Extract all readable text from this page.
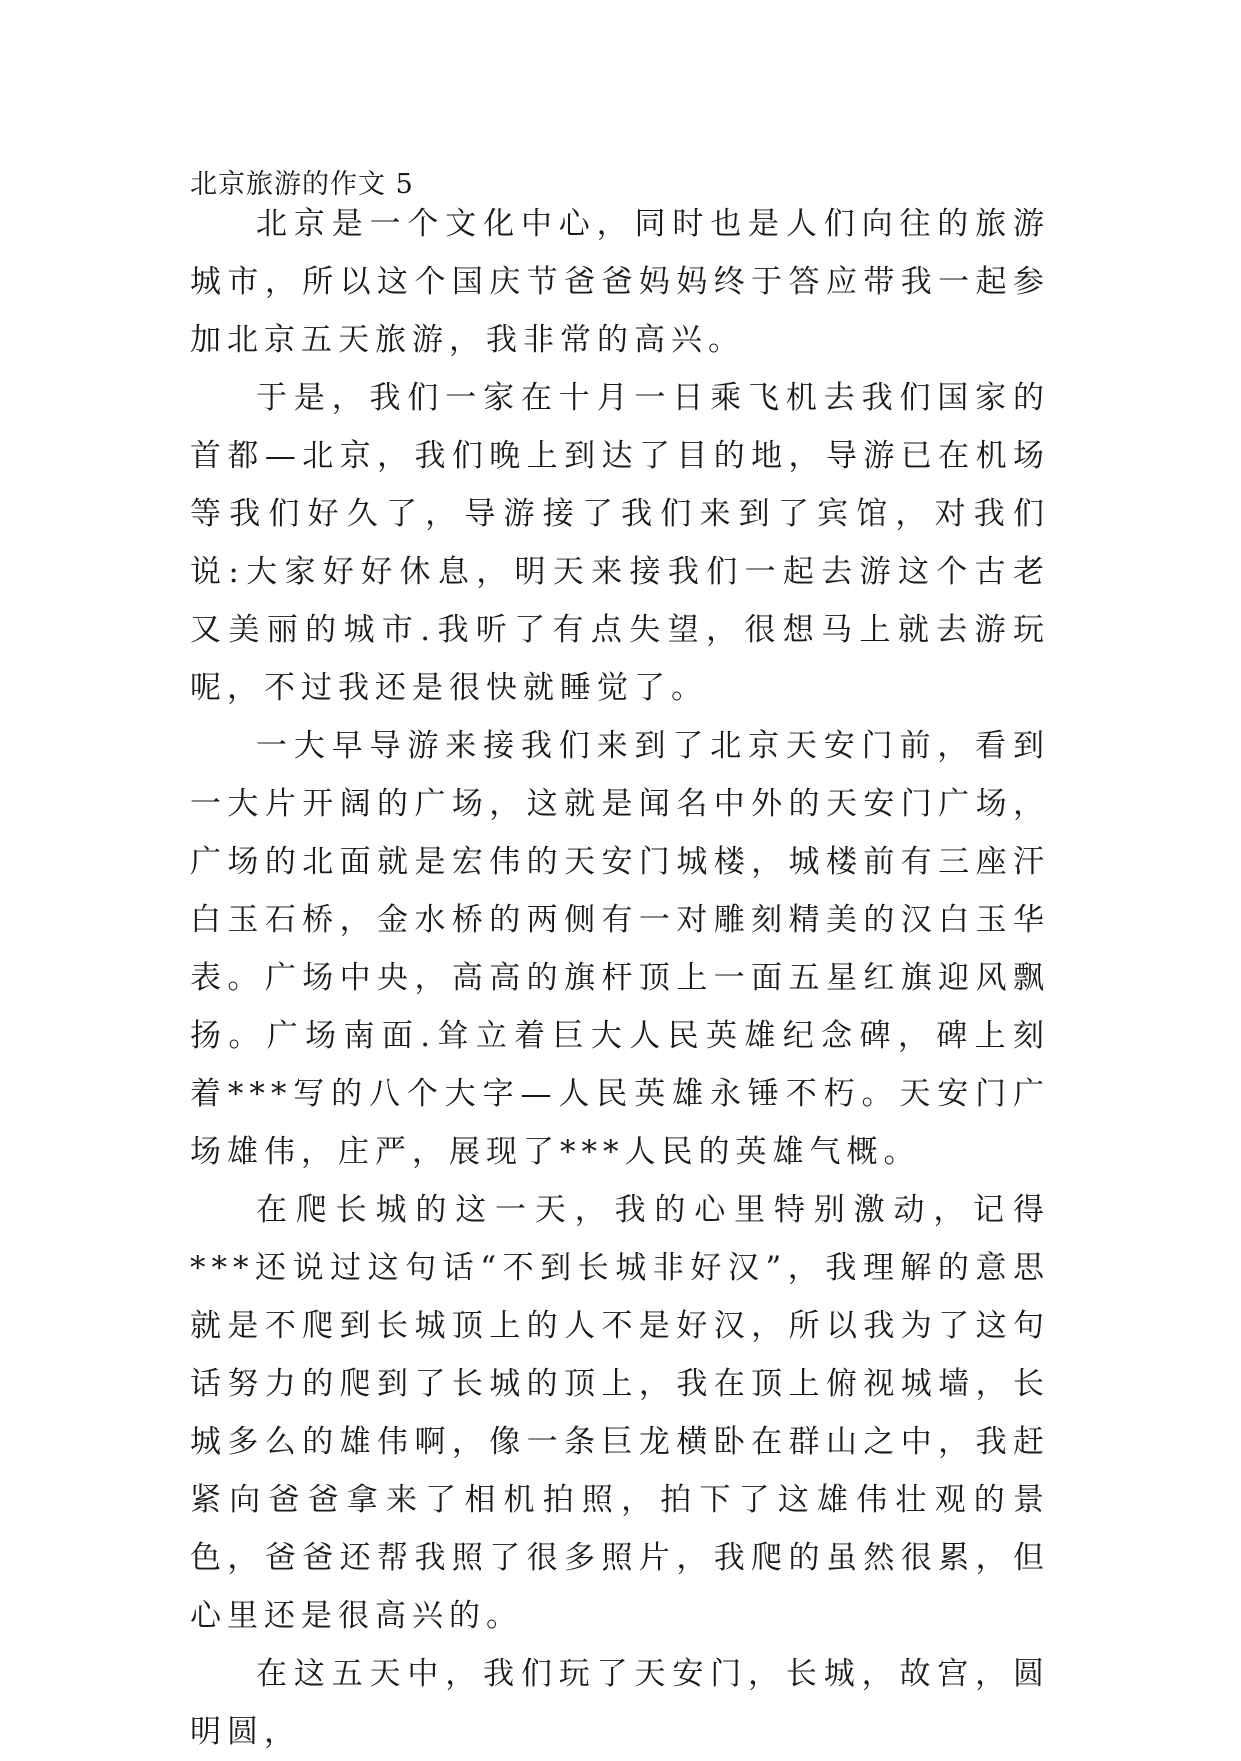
北京旅游的作文 5

北京是一个文化中心，同时也是人们向往的旅游城市，所以这个国庆节爸爸妈妈终于答应带我一起参加北京五天旅游，我非常的高兴。

于是，我们一家在十月一日乘飞机去我们国家的首都—北京，我们晚上到达了目的地，导游已在机场等我们好久了，导游接了我们来到了宾馆，对我们说:大家好好休息，明天来接我们一起去游这个古老又美丽的城市.我听了有点失望，很想马上就去游玩呢，不过我还是很快就睡觉了。

一大早导游来接我们来到了北京天安门前，看到一大片开阔的广场，这就是闻名中外的天安门广场，广场的北面就是宏伟的天安门城楼，城楼前有三座汗白玉石桥，金水桥的两侧有一对雕刻精美的汉白玉华表。广场中央，高高的旗杆顶上一面五星红旗迎风飘扬。广场南面.耸立着巨大人民英雄纪念碑，碑上刻着***写的八个大字—人民英雄永锤不朽。天安门广场雄伟，庄严，展现了***人民的英雄气概。

在爬长城的这一天，我的心里特别激动，记得***还说过这句话“不到长城非好汉”，我理解的意思就是不爬到长城顶上的人不是好汉，所以我为了这句话努力的爬到了长城的顶上，我在顶上俯视城墙，长城多么的雄伟啊，像一条巨龙横卧在群山之中，我赶紧向爸爸拿来了相机拍照，拍下了这雄伟壮观的景色，爸爸还帮我照了很多照片，我爬的虽然很累，但心里还是很高兴的。

在这五天中，我们玩了天安门，长城，故宫，圆明圆，
